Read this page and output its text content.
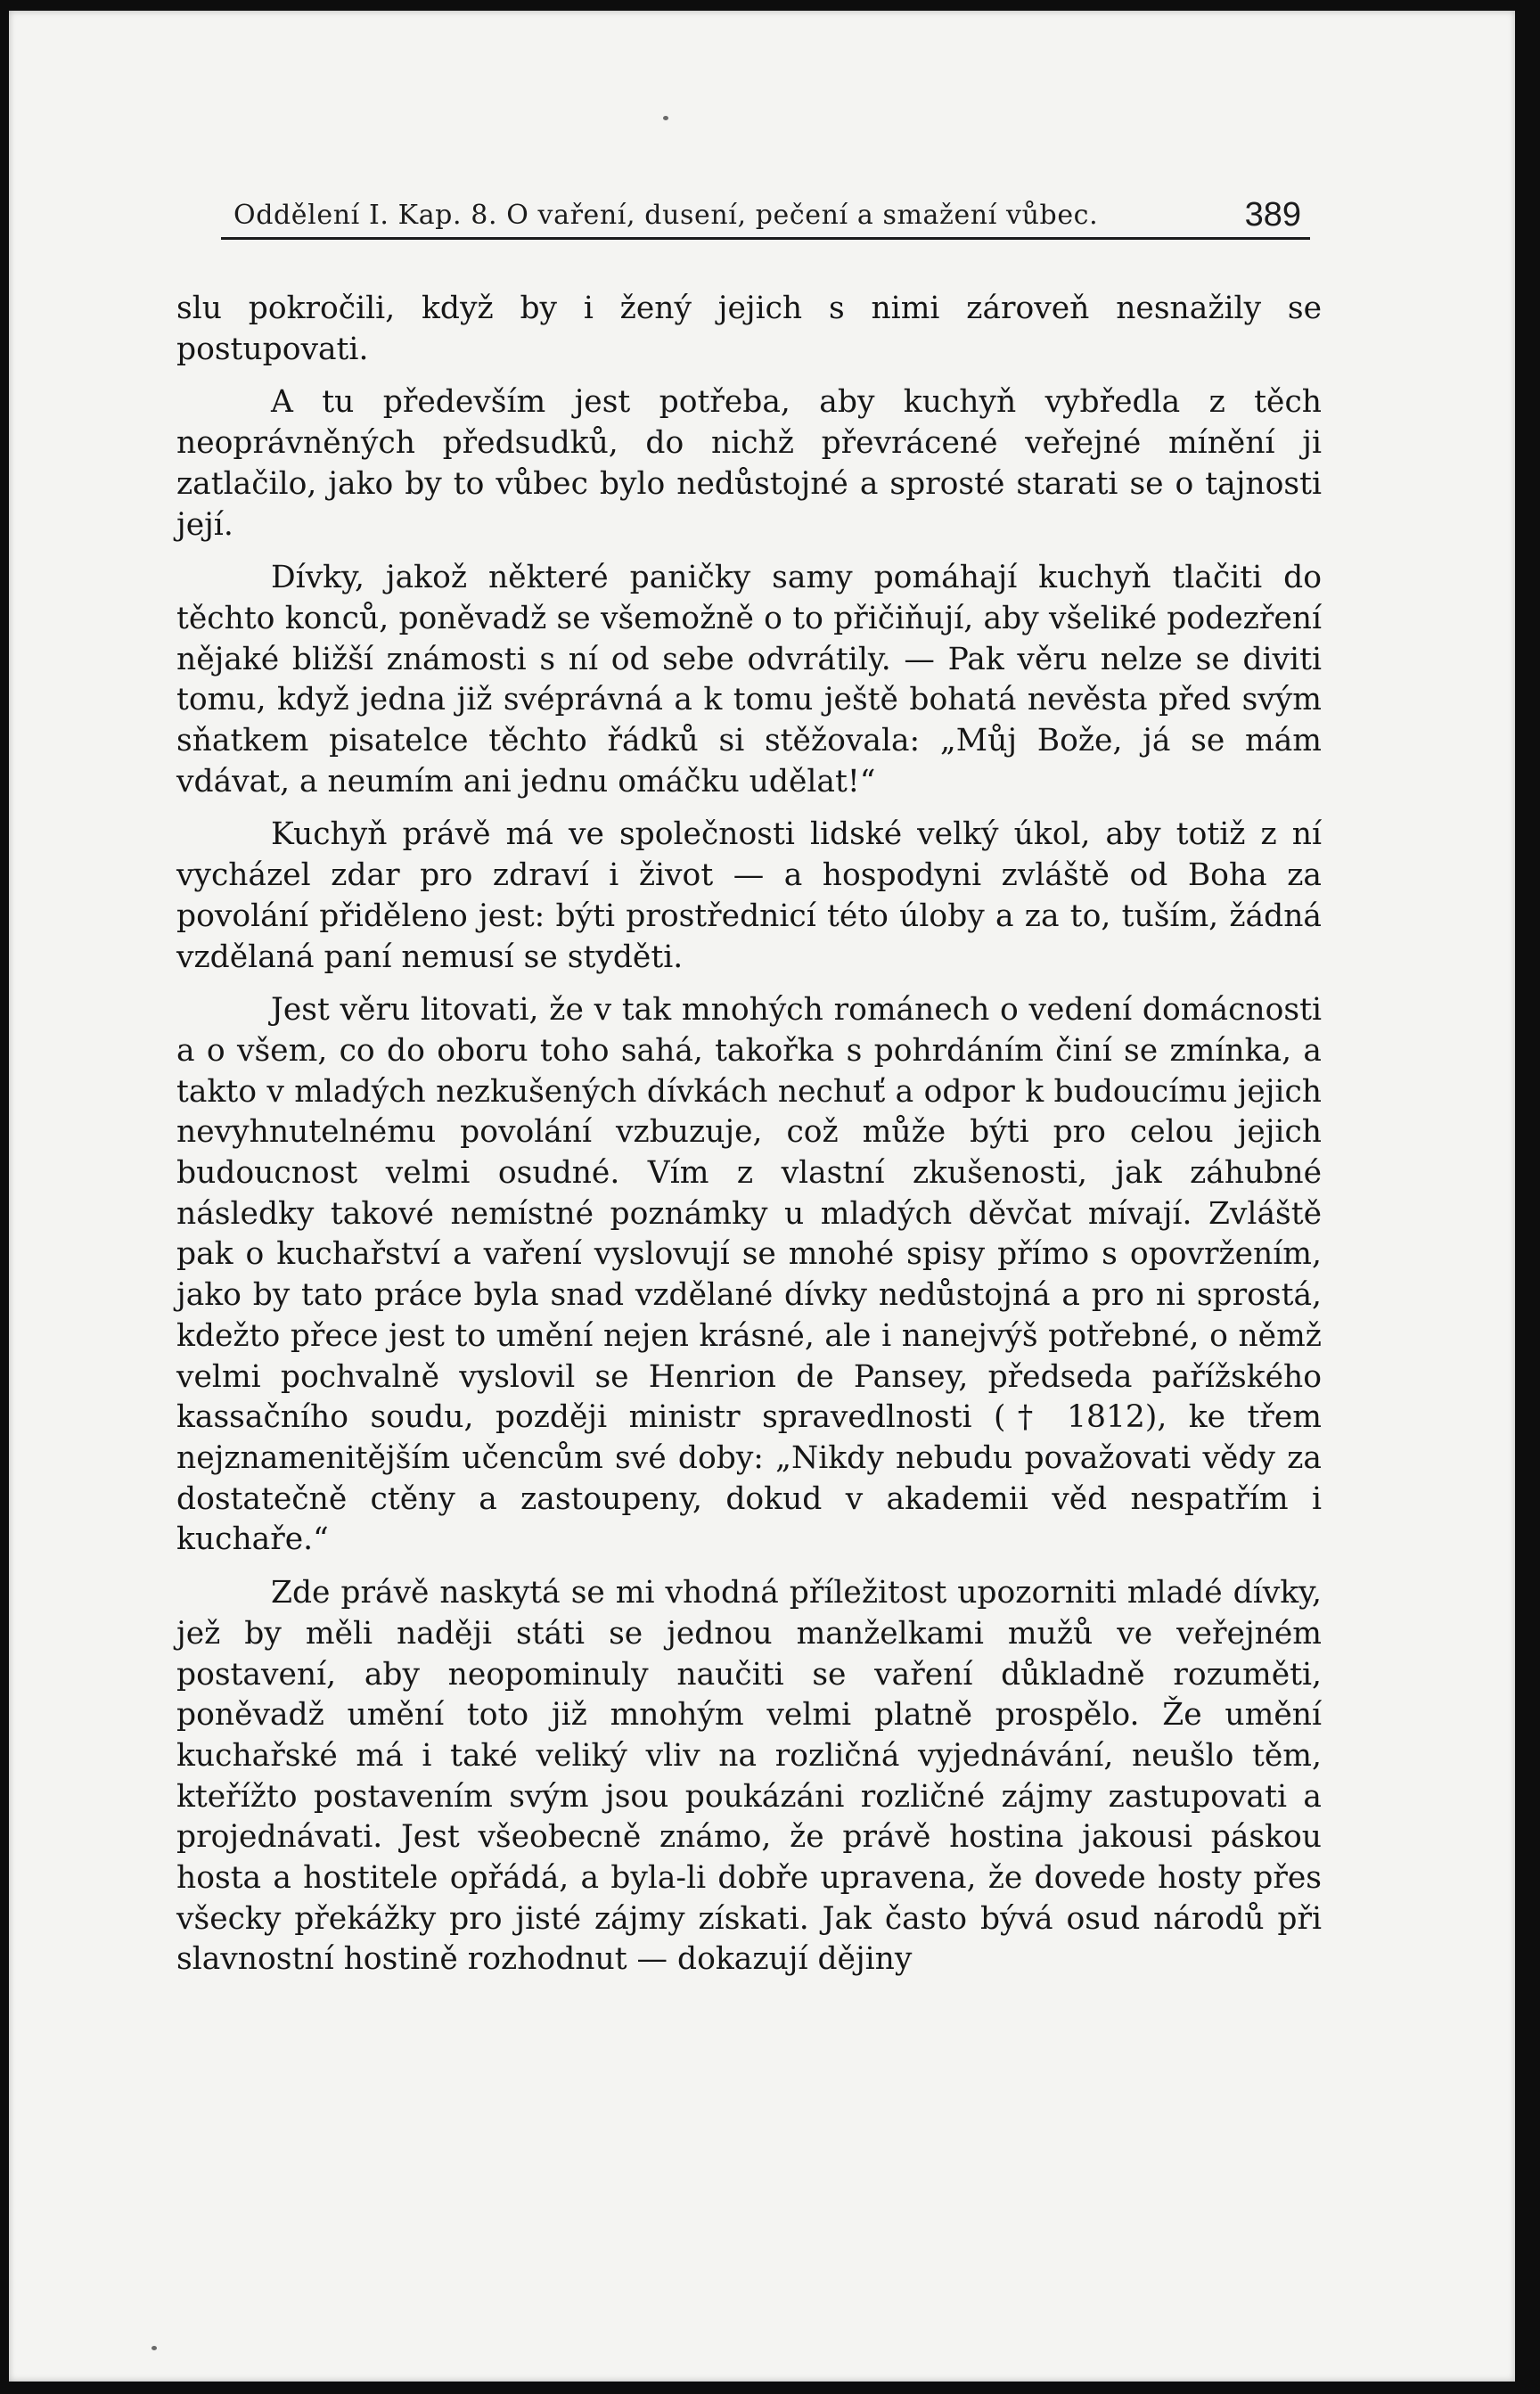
Oddělení I. Kap. 8. O vaření, dusení, pečení a smažení vůbec.	389

slu pokročili, když by i žený jejich s nimi zároveň nesnažily se postupovati.

A tu především jest potřeba, aby kuchyň vybředla z těch neoprávněných předsudků, do nichž převrácené veřejné mínění ji zatlačilo, jako by to vůbec bylo nedůstojné a sprosté starati se o tajnosti její.

Dívky, jakož některé paničky samy pomáhají kuchyň tlačiti do těchto konců, poněvadž se všemožně o to přičiňují, aby všeliké podezření nějaké bližší známosti s ní od sebe odvrátily. — Pak věru nelze se diviti tomu, když jedna již svéprávná a k tomu ještě bohatá nevěsta před svým sňatkem pisatelce těchto řádků si stěžovala: „Můj Bože, já se mám vdávat, a neumím ani jednu omáčku udělat!“

Kuchyň právě má ve společnosti lidské velký úkol, aby totiž z ní vycházel zdar pro zdraví i život — a hospodyni zvláště od Boha za povolání přiděleno jest: býti prostřednicí této úloby a za to, tuším, žádná vzdělaná paní nemusí se styděti.

Jest věru litovati, že v tak mnohých románech o vedení domácnosti a o všem, co do oboru toho sahá, takořka s pohrdáním činí se zmínka, a takto v mladých nezkušených dívkách nechuť a odpor k budoucímu jejich nevyhnutelnému povolání vzbuzuje, což může býti pro celou jejich budoucnost velmi osudné. Vím z vlastní zkušenosti, jak záhubné následky takové nemístné poznámky u mladých děvčat mívají. Zvláště pak o kuchařství a vaření vyslovují se mnohé spisy přímo s opovržením, jako by tato práce byla snad vzdělané dívky nedůstojná a pro ni sprostá, kdežto přece jest to umění nejen krásné, ale i nanejvýš potřebné, o němž velmi pochvalně vyslovil se Henrion de Pansey, předseda pařížského kassačního soudu, později ministr spravedlnosti († 1812), ke třem nejznamenitějším učencům své doby: „Nikdy nebudu považovati vědy za dostatečně ctěny a zastoupeny, dokud v akademii věd nespatřím i kuchaře.“

Zde právě naskytá se mi vhodná příležitost upozorniti mladé dívky, jež by měli naději státi se jednou manželkami mužů ve veřejném postavení, aby neopominuly naučiti se vaření důkladně rozuměti, poněvadž umění toto již mnohým velmi platně prospělo. Že umění kuchařské má i také veliký vliv na rozličná vyjednávání, neušlo těm, kteřížto postavením svým jsou poukázáni rozličné zájmy zastupovati a projednávati. Jest všeobecně známo, že právě hostina jakousi páskou hosta a hostitele opřádá, a byla-li dobře upravena, že dovede hosty přes všecky překážky pro jisté zájmy získati. Jak často bývá osud národů při slavnostní hostině rozhodnut — dokazují dějiny
